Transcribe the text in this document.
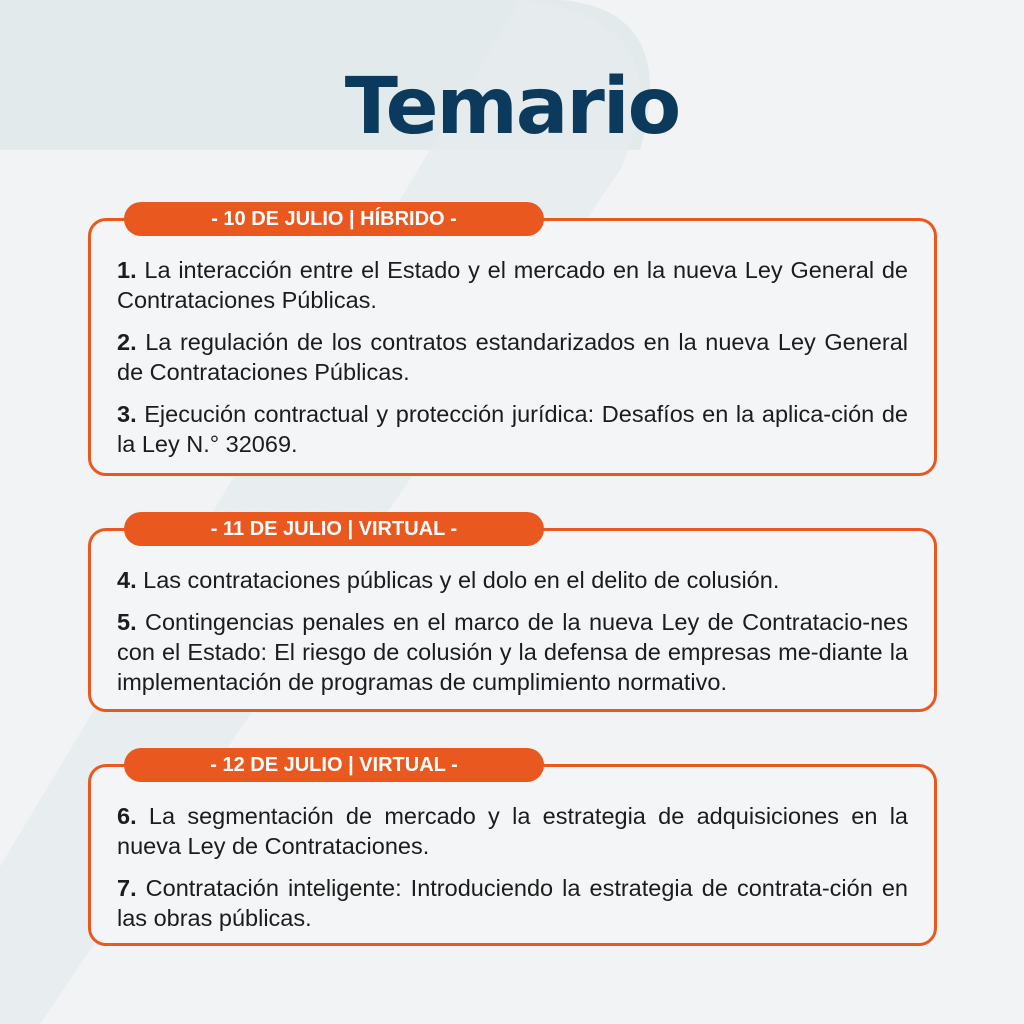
Temario
- 10 DE JULIO | HÍBRIDO -

1. La interacción entre el Estado y el mercado en la nueva Ley General de Contrataciones Públicas.

2. La regulación de los contratos estandarizados en la nueva Ley General de Contrataciones Públicas.

3. Ejecución contractual y protección jurídica: Desafíos en la aplica-ción de la Ley N.° 32069.

- 11 DE JULIO | VIRTUAL -

4. Las contrataciones públicas y el dolo en el delito de colusión.

5. Contingencias penales en el marco de la nueva Ley de Contratacio-nes con el Estado: El riesgo de colusión y la defensa de empresas me-diante la implementación de programas de cumplimiento normativo.

- 12 DE JULIO | VIRTUAL -

6. La segmentación de mercado y la estrategia de adquisiciones en la nueva Ley de Contrataciones.

7. Contratación inteligente: Introduciendo la estrategia de contrata-ción en las obras públicas.
